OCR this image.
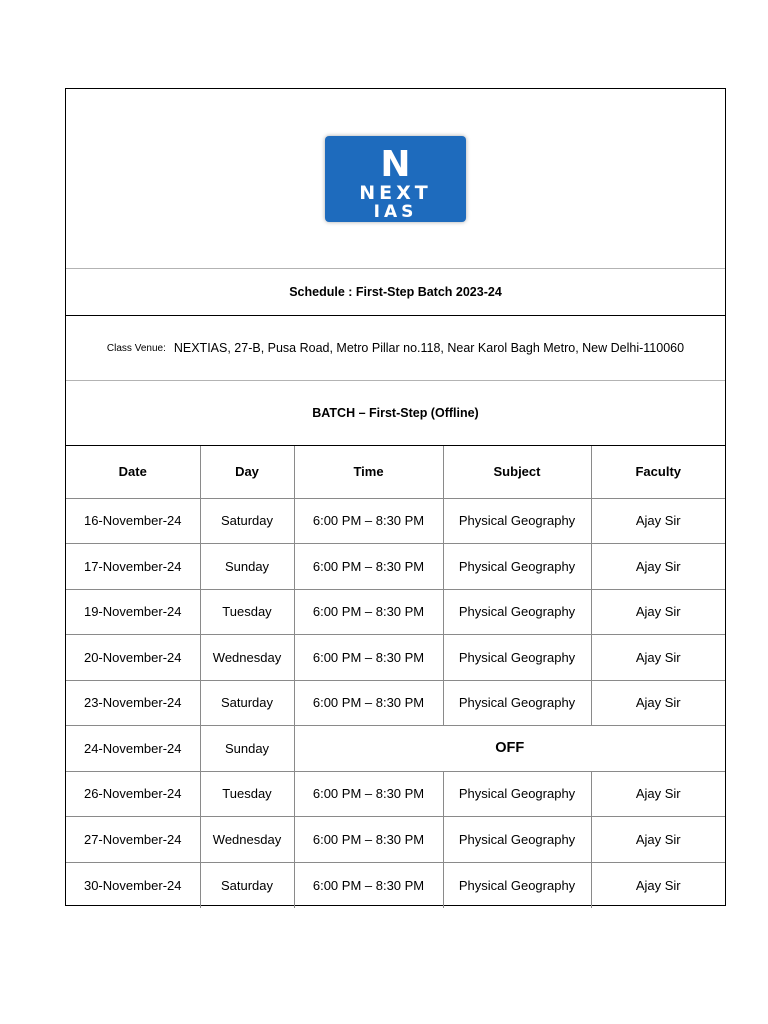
N
NEXT
IAS
Schedule : First-Step Batch 2023-24
Class Venue: NEXTIAS, 27-B, Pusa Road, Metro Pillar no.118, Near Karol Bagh Metro, New Delhi-110060
BATCH – First-Step (Offline)
Date	Day	Time	Subject	Faculty
16-November-24	Saturday	6:00 PM – 8:30 PM	Physical Geography	Ajay Sir
17-November-24	Sunday	6:00 PM – 8:30 PM	Physical Geography	Ajay Sir
19-November-24	Tuesday	6:00 PM – 8:30 PM	Physical Geography	Ajay Sir
20-November-24	Wednesday	6:00 PM – 8:30 PM	Physical Geography	Ajay Sir
23-November-24	Saturday	6:00 PM – 8:30 PM	Physical Geography	Ajay Sir
24-November-24	Sunday	OFF		
26-November-24	Tuesday	6:00 PM – 8:30 PM	Physical Geography	Ajay Sir
27-November-24	Wednesday	6:00 PM – 8:30 PM	Physical Geography	Ajay Sir
30-November-24	Saturday	6:00 PM – 8:30 PM	Physical Geography	Ajay Sir
